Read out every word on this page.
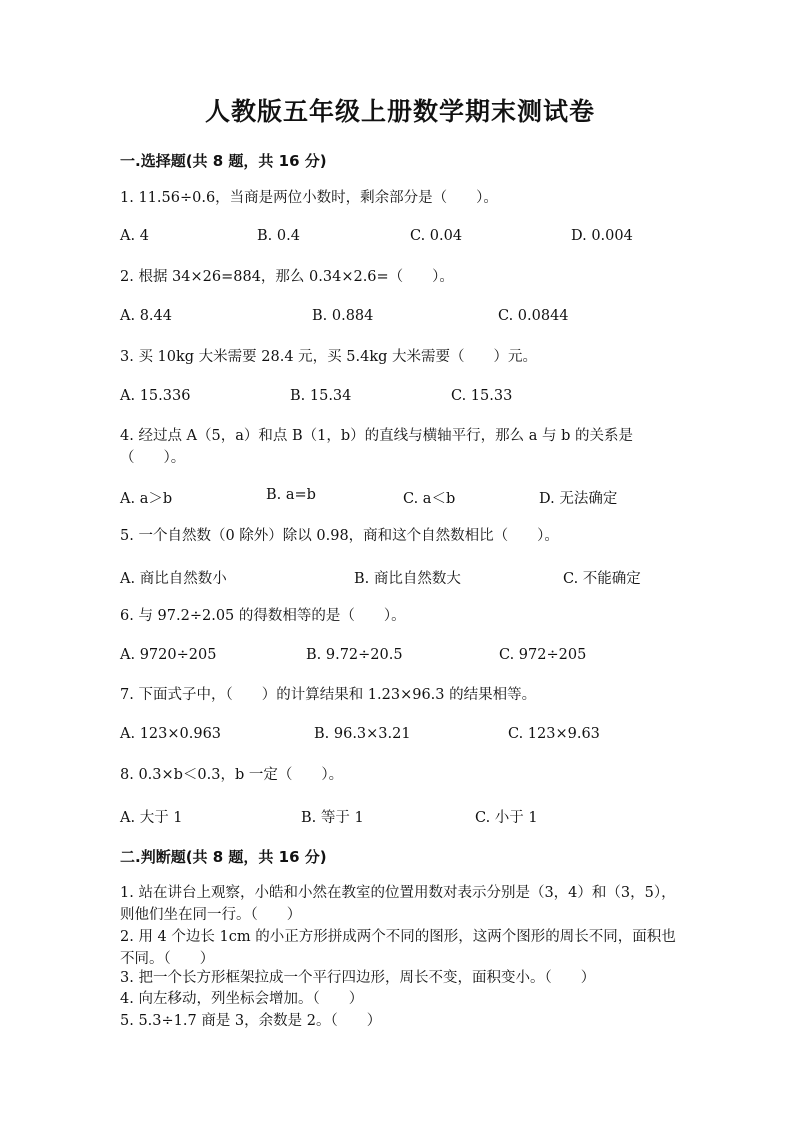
人教版五年级上册数学期末测试卷
一.选择题(共 8 题，共 16 分)
1. 11.56÷0.6，当商是两位小数时，剩余部分是（　　）。
A. 4	B. 0.4	C. 0.04	D. 0.004
2. 根据 34×26=884，那么 0.34×2.6=（　　）。
A. 8.44	B. 0.884	C. 0.0844
3. 买 10kg 大米需要 28.4 元，买 5.4kg 大米需要（　　）元。
A. 15.336	B. 15.34	C. 15.33
4. 经过点 A（5，a）和点 B（1，b）的直线与横轴平行，那么 a 与 b 的关系是（　　）。
A. a＞b	B. a=b	C. a＜b	D. 无法确定
5. 一个自然数（0 除外）除以 0.98，商和这个自然数相比（　　）。
A. 商比自然数小	B. 商比自然数大	C. 不能确定
6. 与 97.2÷2.05 的得数相等的是（　　）。
A. 9720÷205	B. 9.72÷20.5	C. 972÷205
7. 下面式子中，（　　）的计算结果和 1.23×96.3 的结果相等。
A. 123×0.963	B. 96.3×3.21	C. 123×9.63
8. 0.3×b＜0.3，b 一定（　　）。
A. 大于 1	B. 等于 1	C. 小于 1
二.判断题(共 8 题，共 16 分)
1. 站在讲台上观察，小皓和小然在教室的位置用数对表示分别是（3，4）和（3，5），则他们坐在同一行。（　　）
2. 用 4 个边长 1cm 的小正方形拼成两个不同的图形，这两个图形的周长不同，面积也不同。（　　）
3. 把一个长方形框架拉成一个平行四边形，周长不变，面积变小。（　　）
4. 向左移动，列坐标会增加。（　　）
5. 5.3÷1.7 商是 3，余数是 2。（　　）
